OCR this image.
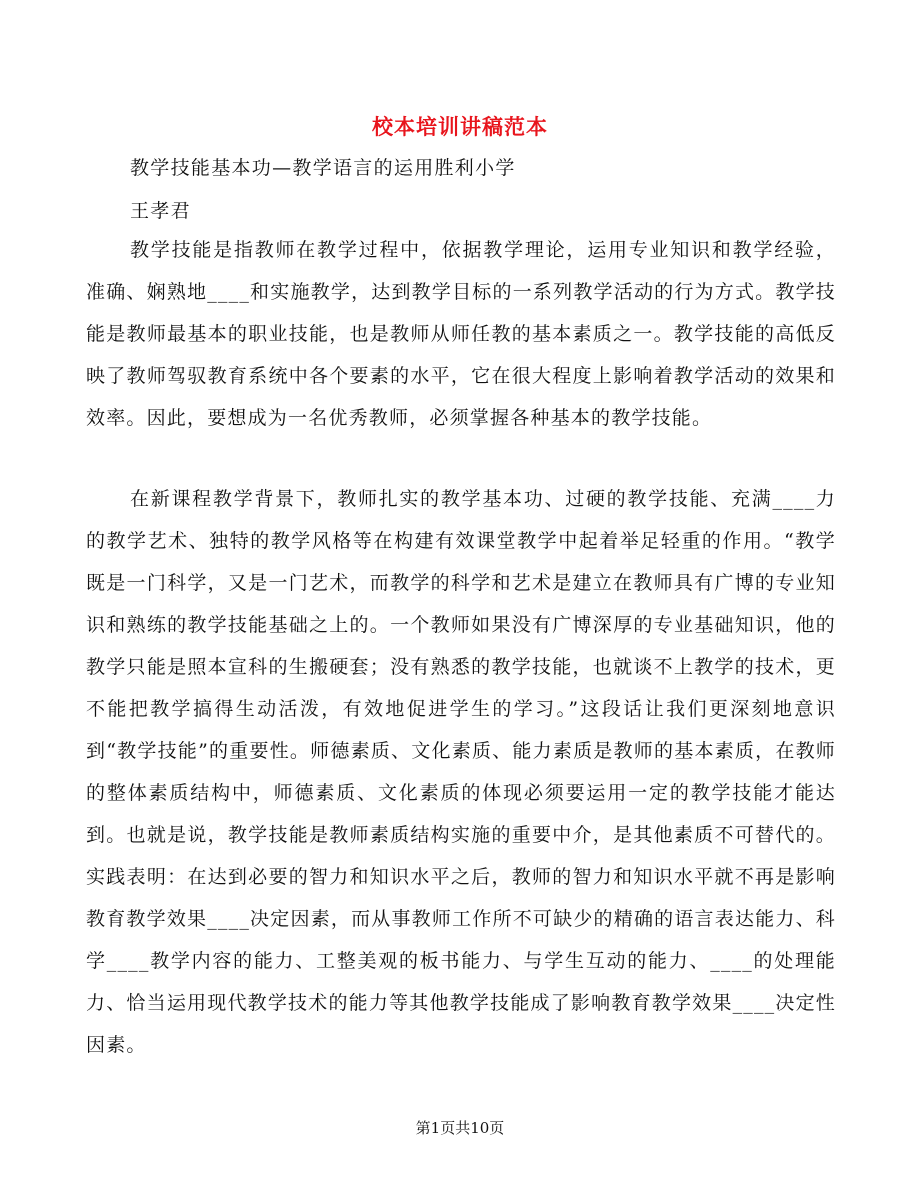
校本培训讲稿范本
教学技能基本功—教学语言的运用胜利小学
王孝君

教学技能是指教师在教学过程中，依据教学理论，运用专业知识和教学经验，准确、娴熟地____和实施教学，达到教学目标的一系列教学活动的行为方式。教学技能是教师最基本的职业技能，也是教师从师任教的基本素质之一。教学技能的高低反映了教师驾驭教育系统中各个要素的水平，它在很大程度上影响着教学活动的效果和效率。因此，要想成为一名优秀教师，必须掌握各种基本的教学技能。

在新课程教学背景下，教师扎实的教学基本功、过硬的教学技能、充满____力的教学艺术、独特的教学风格等在构建有效课堂教学中起着举足轻重的作用。“教学既是一门科学，又是一门艺术，而教学的科学和艺术是建立在教师具有广博的专业知识和熟练的教学技能基础之上的。一个教师如果没有广博深厚的专业基础知识，他的教学只能是照本宣科的生搬硬套；没有熟悉的教学技能，也就谈不上教学的技术，更不能把教学搞得生动活泼，有效地促进学生的学习。”这段话让我们更深刻地意识到“教学技能”的重要性。师德素质、文化素质、能力素质是教师的基本素质，在教师的整体素质结构中，师德素质、文化素质的体现必须要运用一定的教学技能才能达到。也就是说，教学技能是教师素质结构实施的重要中介，是其他素质不可替代的。实践表明：在达到必要的智力和知识水平之后，教师的智力和知识水平就不再是影响教育教学效果____决定因素，而从事教师工作所不可缺少的精确的语言表达能力、科学____教学内容的能力、工整美观的板书能力、与学生互动的能力、____的处理能力、恰当运用现代教学技术的能力等其他教学技能成了影响教育教学效果____决定性因素。

第1页共10页
